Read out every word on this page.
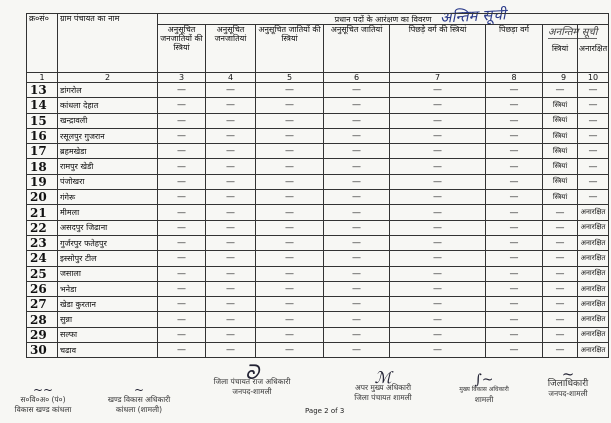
अन्तिम सूची
अनन्तिम सूची
क्र०सं०	ग्राम पंचायत का नाम	प्रधान पदों के आरंक्षण का विवरण							
		अनुसूचित जनजातियों की स्त्रियां	अनुसूचित जनजातियां	अनुसूचित जातियों की स्त्रियां	अनुसूचित जातियां	पिछड़े वर्ग की स्त्रियां	पिछड़ा वर्ग	स्त्रियां	अनारक्षित
1	2	3	4	5	6	7	8	9	10
13	डांगरोल	—	—	—	—	—	—	—	—
14	कांधला देहात	—	—	—	—	—	—	स्त्रियां	—
15	खन्द्रावली	—	—	—	—	—	—	स्त्रियां	—
16	रसूलपुर गुजरान	—	—	—	—	—	—	स्त्रियां	—
17	ब्रहमखेडा	—	—	—	—	—	—	स्त्रियां	—
18	रामपुर खेडी	—	—	—	—	—	—	स्त्रियां	—
19	पंजोखरा	—	—	—	—	—	—	स्त्रियां	—
20	गंगेरू	—	—	—	—	—	—	स्त्रियां	—
21	मीमला	—	—	—	—	—	—	—	अनारक्षित
22	असदपुर जिढाना	—	—	—	—	—	—	—	अनारक्षित
23	गुर्जरपुर फतेहपुर	—	—	—	—	—	—	—	अनारक्षित
24	इस्सोपुर टील	—	—	—	—	—	—	—	अनारक्षित
25	जसाला	—	—	—	—	—	—	—	अनारक्षित
26	भनेडा	—	—	—	—	—	—	—	अनारक्षित
27	खेडा कुरतान	—	—	—	—	—	—	—	अनारक्षित
28	सुन्ना	—	—	—	—	—	—	—	अनारक्षित
29	सल्फा	—	—	—	—	—	—	—	अनारक्षित
30	चढाव	—	—	—	—	—	—	—	अनारक्षित
~~
स०वि०अ० (पं०)
विकास खण्ड कांधला
~
खण्ड विकास अधिकारी
कांधला (शामली)
ᘐ
जिला पंचायत राज अधिकारी
जनपद-शामली
ℳ
अपर मुख्य अधिकारी
जिला पंचायत शामली
∫~
मुख्य विकास अधिकारी
शामली
~
जिलाधिकारी
जनपद-शामली
Page 2 of 3
